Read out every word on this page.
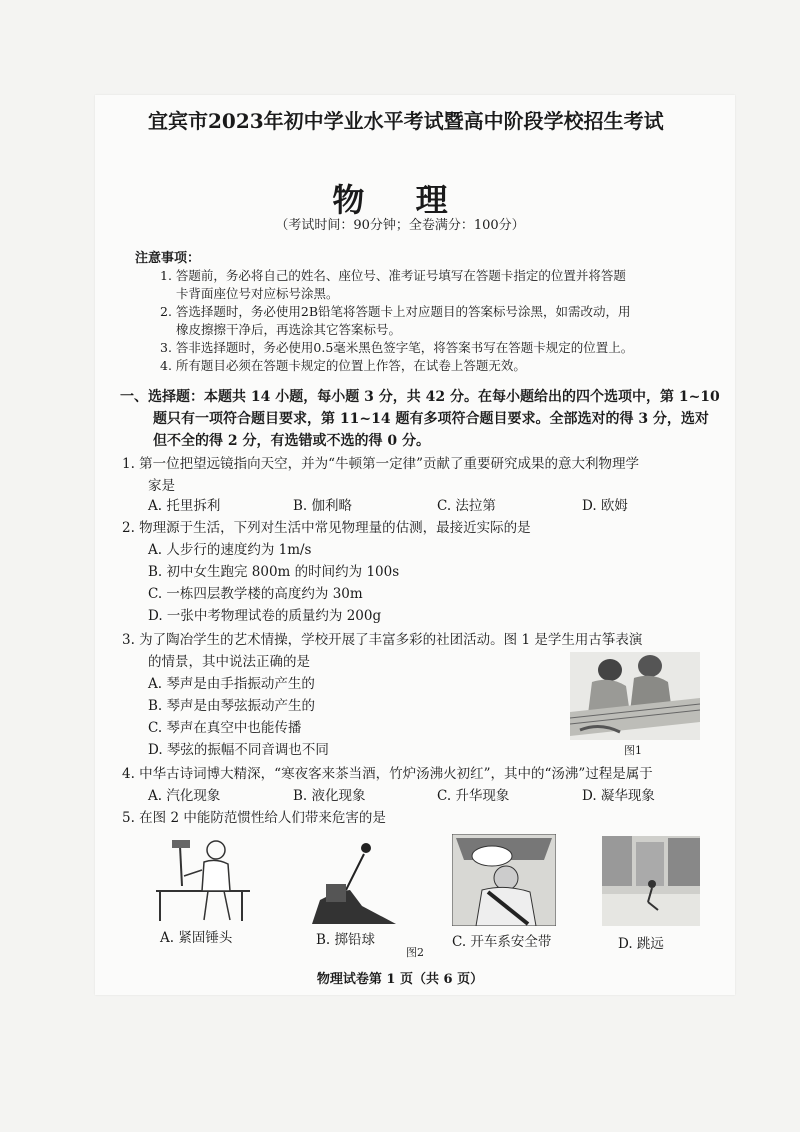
宜宾市2023年初中学业水平考试暨高中阶段学校招生考试
物 理
（考试时间：90分钟；全卷满分：100分）
注意事项：
1. 答题前，务必将自己的姓名、座位号、准考证号填写在答题卡指定的位置并将答题
卡背面座位号对应标号涂黑。
2. 答选择题时，务必使用2B铅笔将答题卡上对应题目的答案标号涂黑，如需改动，用
橡皮擦擦干净后，再选涂其它答案标号。
3. 答非选择题时，务必使用0.5毫米黑色签字笔，将答案书写在答题卡规定的位置上。
4. 所有题目必须在答题卡规定的位置上作答，在试卷上答题无效。
一、选择题：本题共 14 小题，每小题 3 分，共 42 分。在每小题给出的四个选项中，第 1~10
题只有一项符合题目要求，第 11~14 题有多项符合题目要求。全部选对的得 3 分，选对
但不全的得 2 分，有选错或不选的得 0 分。
1. 第一位把望远镜指向天空，并为“牛顿第一定律”贡献了重要研究成果的意大利物理学
家是
A. 托里拆利	B. 伽利略	C. 法拉第	D. 欧姆
2. 物理源于生活，下列对生活中常见物理量的估测，最接近实际的是
A. 人步行的速度约为 1m/s
B. 初中女生跑完 800m 的时间约为 100s
C. 一栋四层教学楼的高度约为 30m
D. 一张中考物理试卷的质量约为 200g
3. 为了陶冶学生的艺术情操，学校开展了丰富多彩的社团活动。图 1 是学生用古筝表演
的情景，其中说法正确的是
A. 琴声是由手指振动产生的
B. 琴声是由琴弦振动产生的
C. 琴声在真空中也能传播
D. 琴弦的振幅不同音调也不同	图1
4. 中华古诗词博大精深，“寒夜客来茶当酒，竹炉汤沸火初红”，其中的“汤沸”过程是属于
A. 汽化现象	B. 液化现象	C. 升华现象	D. 凝华现象
5. 在图 2 中能防范惯性给人们带来危害的是
A. 紧固锤头	B. 掷铅球	C. 开车系安全带	D. 跳远
图2
物理试卷第 1 页（共 6 页）
